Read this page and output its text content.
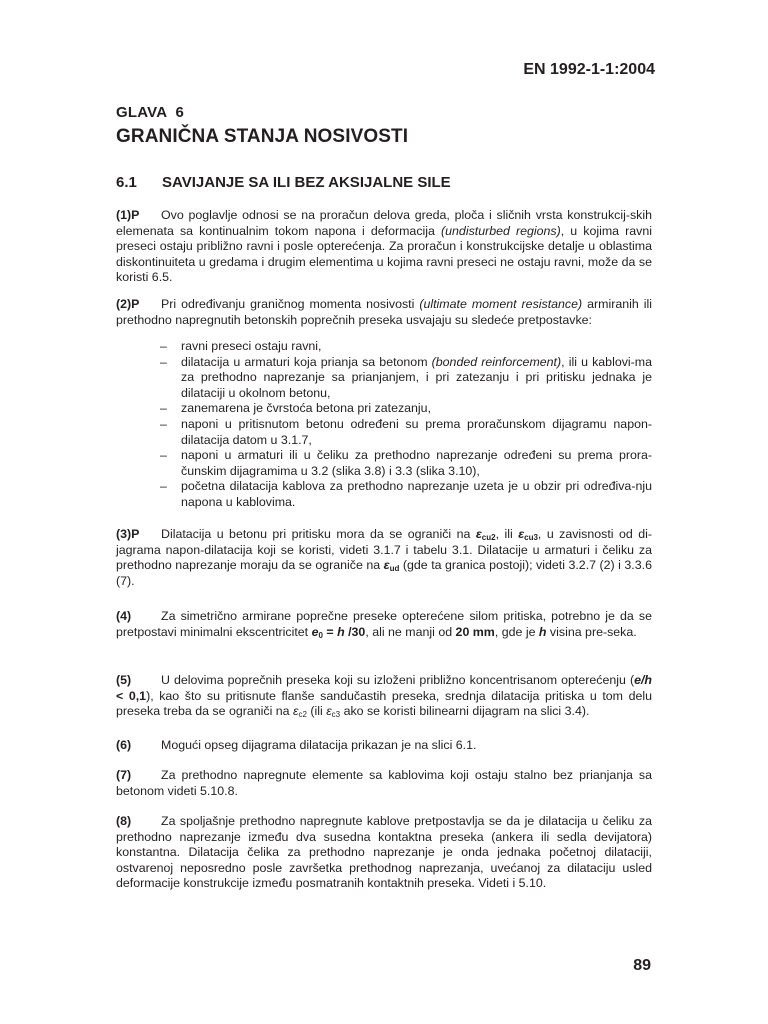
EN 1992-1-1:2004
GLAVA  6
GRANIČNA STANJA NOSIVOSTI
6.1 SAVIJANJE SA ILI BEZ AKSIJALNE SILE
(1)P Ovo poglavlje odnosi se na proračun delova greda, ploča i sličnih vrsta konstrukcij-skih elemenata sa kontinualnim tokom napona i deformacija (undisturbed regions), u kojima ravni preseci ostaju približno ravni i posle opterećenja. Za proračun i konstrukcijske detalje u oblastima diskontinuiteta u gredama i drugim elementima u kojima ravni preseci ne ostaju ravni, može da se koristi 6.5.
(2)P Pri određivanju graničnog momenta nosivosti (ultimate moment resistance) armiranih ili prethodno napregnutih betonskih poprečnih preseka usvajaju su sledeće pretpostavke:
– ravni preseci ostaju ravni,
– dilatacija u armaturi koja prianja sa betonom (bonded reinforcement), ili u kablovi-ma za prethodno naprezanje sa prianjanjem, i pri zatezanju i pri pritisku jednaka je dilataciji u okolnom betonu,
– zanemarena je čvrstoća betona pri zatezanju,
– naponi u pritisnutom betonu određeni su prema proračunskom dijagramu napon-dilatacija datom u 3.1.7,
– naponi u armaturi ili u čeliku za prethodno naprezanje određeni su prema prora-čunskim dijagramima u 3.2 (slika 3.8) i 3.3 (slika 3.10),
– početna dilatacija kablova za prethodno naprezanje uzeta je u obzir pri određiva-nju napona u kablovima.
(3)P Dilatacija u betonu pri pritisku mora da se ograniči na $\varepsilon_{cu2}$, ili $\varepsilon_{cu3}$, u zavisnosti od di-jagrama napon-dilatacija koji se koristi, videti 3.1.7 i tabelu 3.1. Dilatacije u armaturi i čeliku za prethodno naprezanje moraju da se ograniče na $\varepsilon_{ud}$ (gde ta granica postoji); videti 3.2.7 (2) i 3.3.6 (7).
(4) Za simetrično armirane poprečne preseke opterećene silom pritiska, potrebno je da se pretpostavi minimalni ekscentricitet $e_0 = h$ /30, ali ne manji od 20 mm, gde je h visina pre-seka.
(5) U delovima poprečnih preseka koji su izloženi približno koncentrisanom opterećenju (e/h < 0,1), kao što su pritisnute flanše sandučastih preseka, srednja dilatacija pritiska u tom delu preseka treba da se ograniči na $\varepsilon_{c2}$ (ili $\varepsilon_{c3}$ ako se koristi bilinearni dijagram na slici 3.4).
(6) Mogući opseg dijagrama dilatacija prikazan je na slici 6.1.
(7) Za prethodno napregnute elemente sa kablovima koji ostaju stalno bez prianjanja sa betonom videti 5.10.8.
(8) Za spoljašnje prethodno napregnute kablove pretpostavlja se da je dilatacija u čeliku za prethodno naprezanje između dva susedna kontaktna preseka (ankera ili sedla devijatora) konstantna. Dilatacija čelika za prethodno naprezanje je onda jednaka početnoj dilataciji, ostvarenoj neposredno posle završetka prethodnog naprezanja, uvećanoj za dilataciju usled deformacije konstrukcije između posmatranih kontaktnih preseka. Videti i 5.10.
89
